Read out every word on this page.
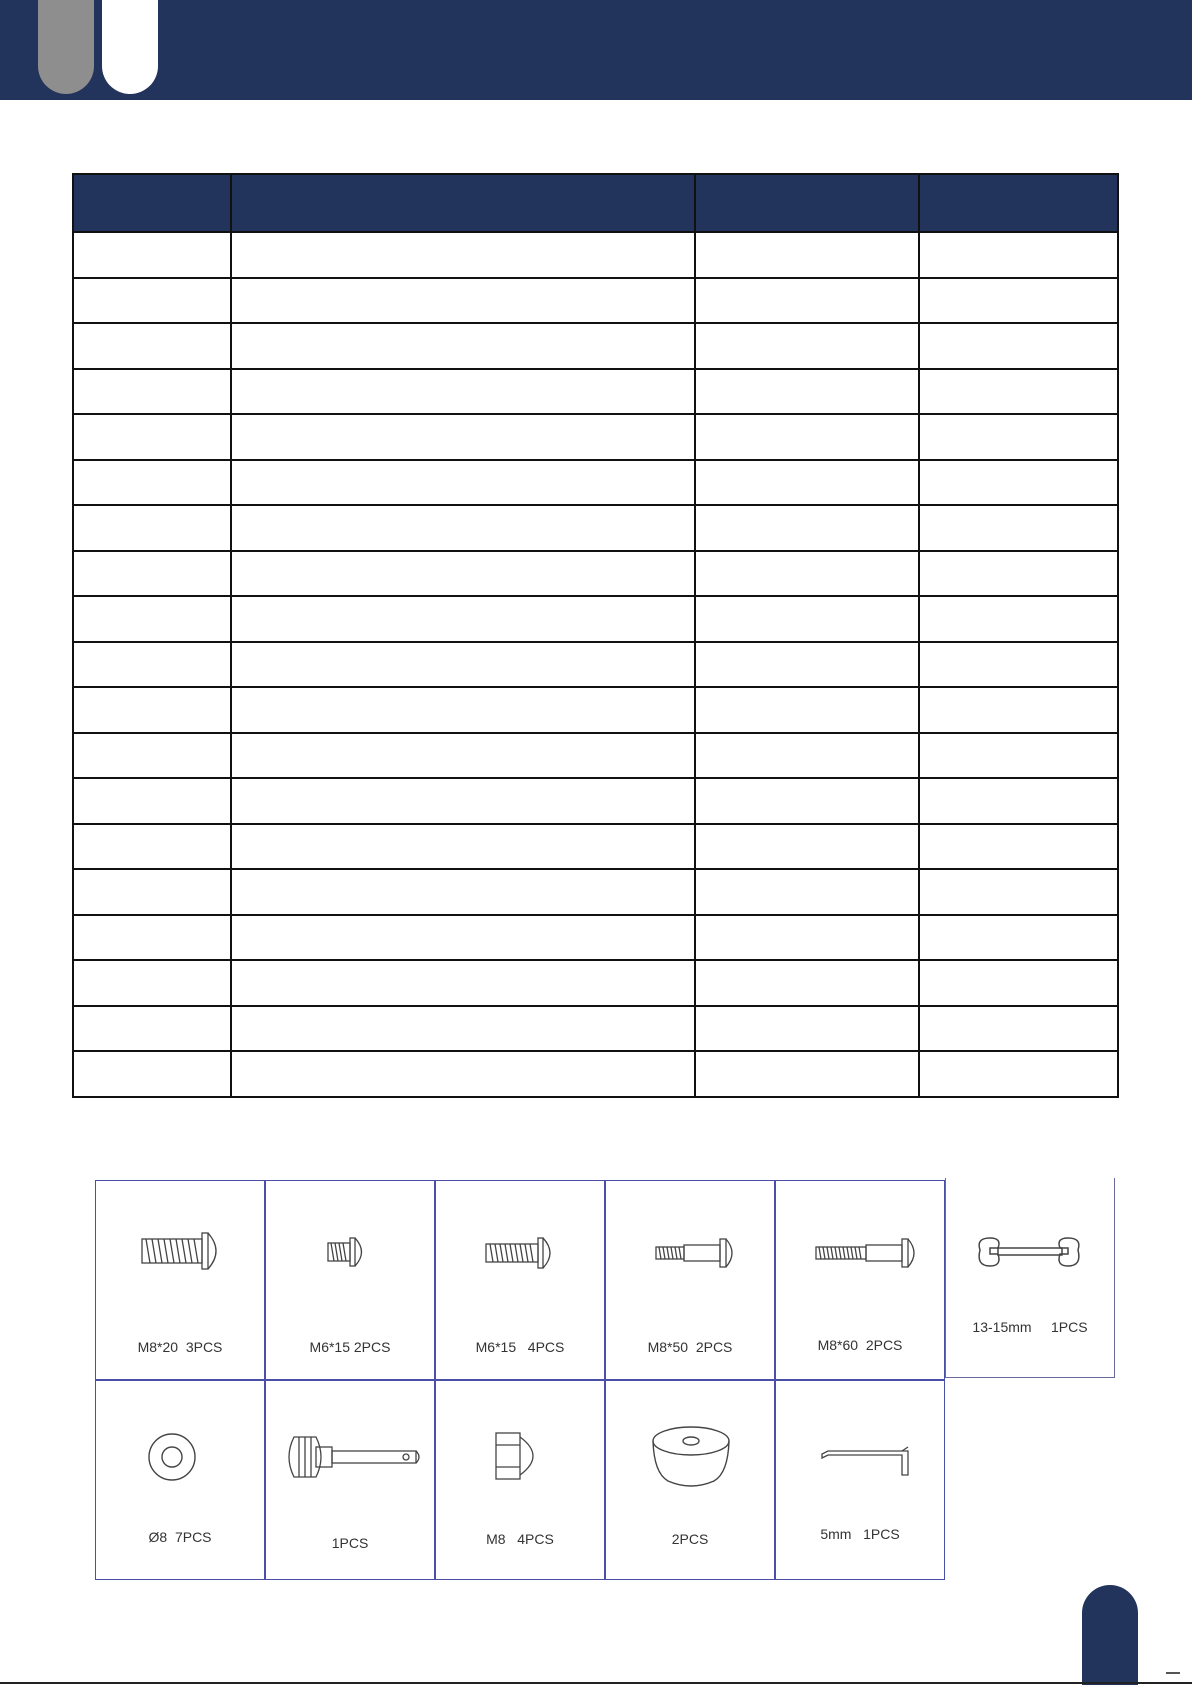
M8*20  3PCS	M6*15 2PCS	M6*15   4PCS	M8*50  2PCS	M8*60  2PCS
13-15mm     1PCS
Ø8  7PCS	1PCS	M8   4PCS	2PCS	5mm   1PCS
